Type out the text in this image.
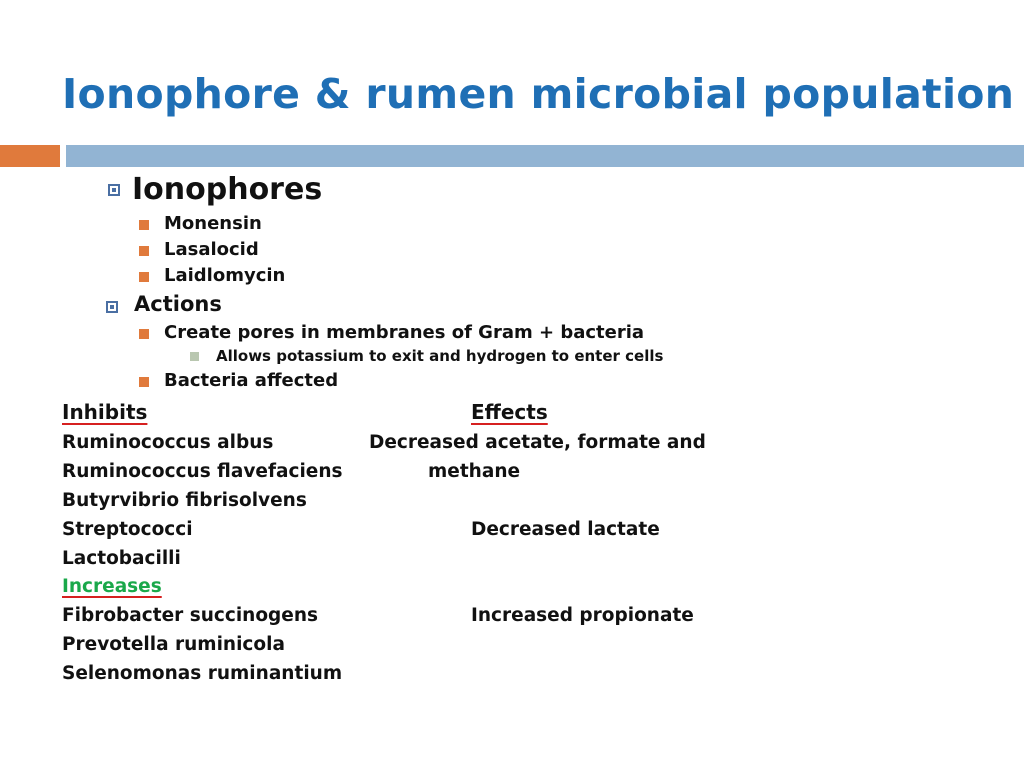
Ionophore & rumen microbial population
Ionophores
Monensin
Lasalocid
Laidlomycin
Actions
Create pores in membranes of Gram + bacteria
Allows potassium to exit and hydrogen to enter cells
Bacteria affected
Inhibits	Effects
Ruminococcus albus
Ruminococcus flavefaciens
Butyrvibrio fibrisolvens
Streptococci
Lactobacilli
Decreased acetate, formate and
methane
Decreased lactate
Increases
Fibrobacter succinogens
Prevotella ruminicola
Selenomonas ruminantium
Increased propionate
